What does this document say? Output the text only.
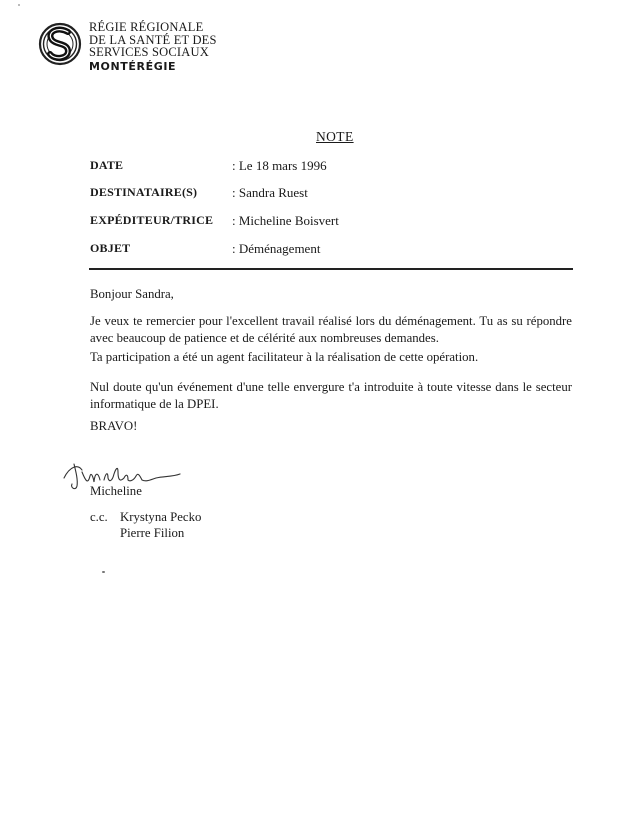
RÉGIE RÉGIONALE
DE LA SANTÉ ET DES
SERVICES SOCIAUX
MONTÉRÉGIE
NOTE
DATE	: Le 18 mars 1996
DESTINATAIRE(S)	: Sandra Ruest
EXPÉDITEUR/TRICE : Micheline Boisvert
OBJET	: Déménagement
Bonjour Sandra,
Je veux te remercier pour l'excellent travail réalisé lors du déménagement. Tu as su répondre avec beaucoup de patience et de célérité aux nombreuses demandes.
Ta participation a été un agent facilitateur à la réalisation de cette opération.
Nul doute qu'un événement d'une telle envergure t'a introduite à toute vitesse dans le secteur informatique de la DPEI.
BRAVO!
Micheline
c.c. Krystyna Pecko
Pierre Filion
